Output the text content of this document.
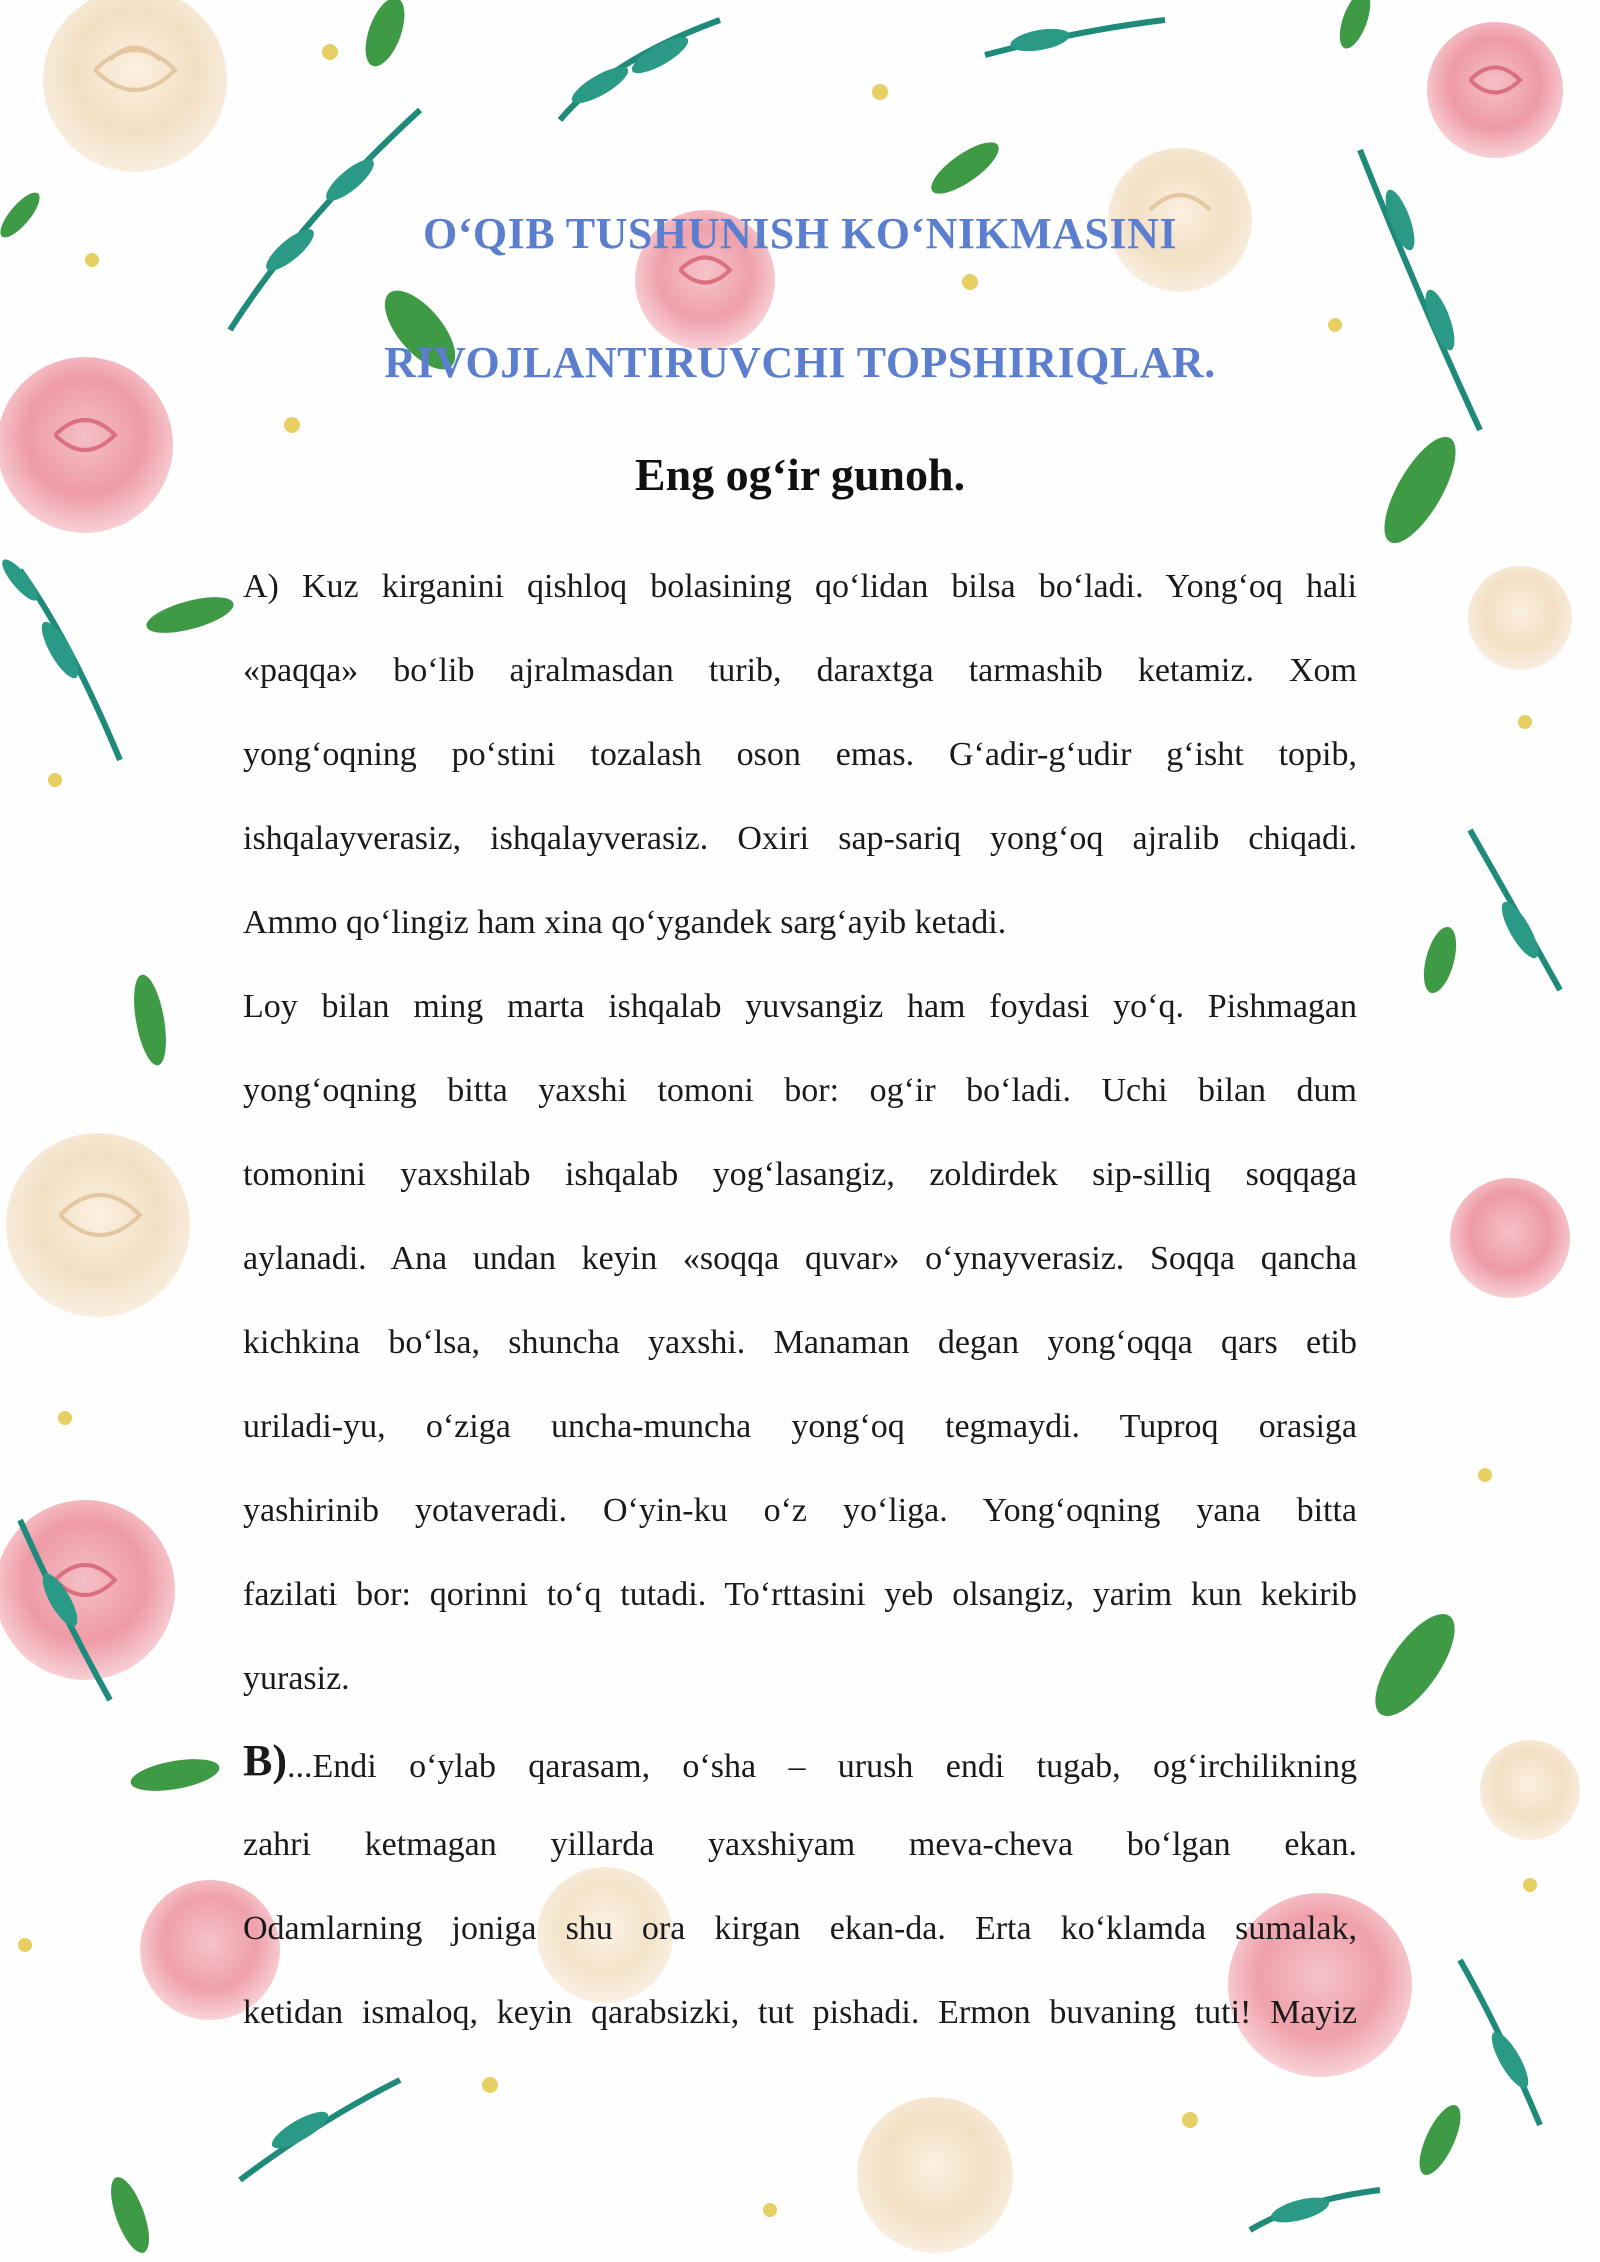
O‘QIB TUSHUNISH KO‘NIKMASINI
RIVOJLANTIRUVCHI TOPSHIRIQLAR.
Eng og‘ir gunoh.
A) Kuz kirganini qishloq bolasining qo‘lidan bilsa bo‘ladi. Yong‘oq hali
«paqqa» bo‘lib ajralmasdan turib, daraxtga tarmashib ketamiz. Xom
yong‘oqning po‘stini tozalash oson emas. G‘adir-g‘udir g‘isht topib,
ishqalayverasiz, ishqalayverasiz. Oxiri sap-sariq yong‘oq ajralib chiqadi.
Ammo qo‘lingiz ham xina qo‘ygandek sarg‘ayib ketadi.
Loy bilan ming marta ishqalab yuvsangiz ham foydasi yo‘q. Pishmagan
yong‘oqning bitta yaxshi tomoni bor: og‘ir bo‘ladi. Uchi bilan dum
tomonini yaxshilab ishqalab yog‘lasangiz, zoldirdek sip-silliq soqqaga
aylanadi. Ana undan keyin «soqqa quvar» o‘ynayverasiz. Soqqa qancha
kichkina bo‘lsa, shuncha yaxshi. Manaman degan yong‘oqqa qars etib
uriladi-yu, o‘ziga uncha-muncha yong‘oq tegmaydi. Tuproq orasiga
yashirinib yotaveradi. O‘yin-ku o‘z yo‘liga. Yong‘oqning yana bitta
fazilati bor: qorinni to‘q tutadi. To‘rttasini yeb olsangiz, yarim kun kekirib
yurasiz.
B) ...Endi o‘ylab qarasam, o‘sha – urush endi tugab, og‘irchilikning
zahri ketmagan yillarda yaxshiyam meva-cheva bo‘lgan ekan.
Odamlarning joniga shu ora kirgan ekan-da. Erta ko‘klamda sumalak,
ketidan ismaloq, keyin qarabsizki, tut pishadi. Ermon buvaning tuti! Mayiz
